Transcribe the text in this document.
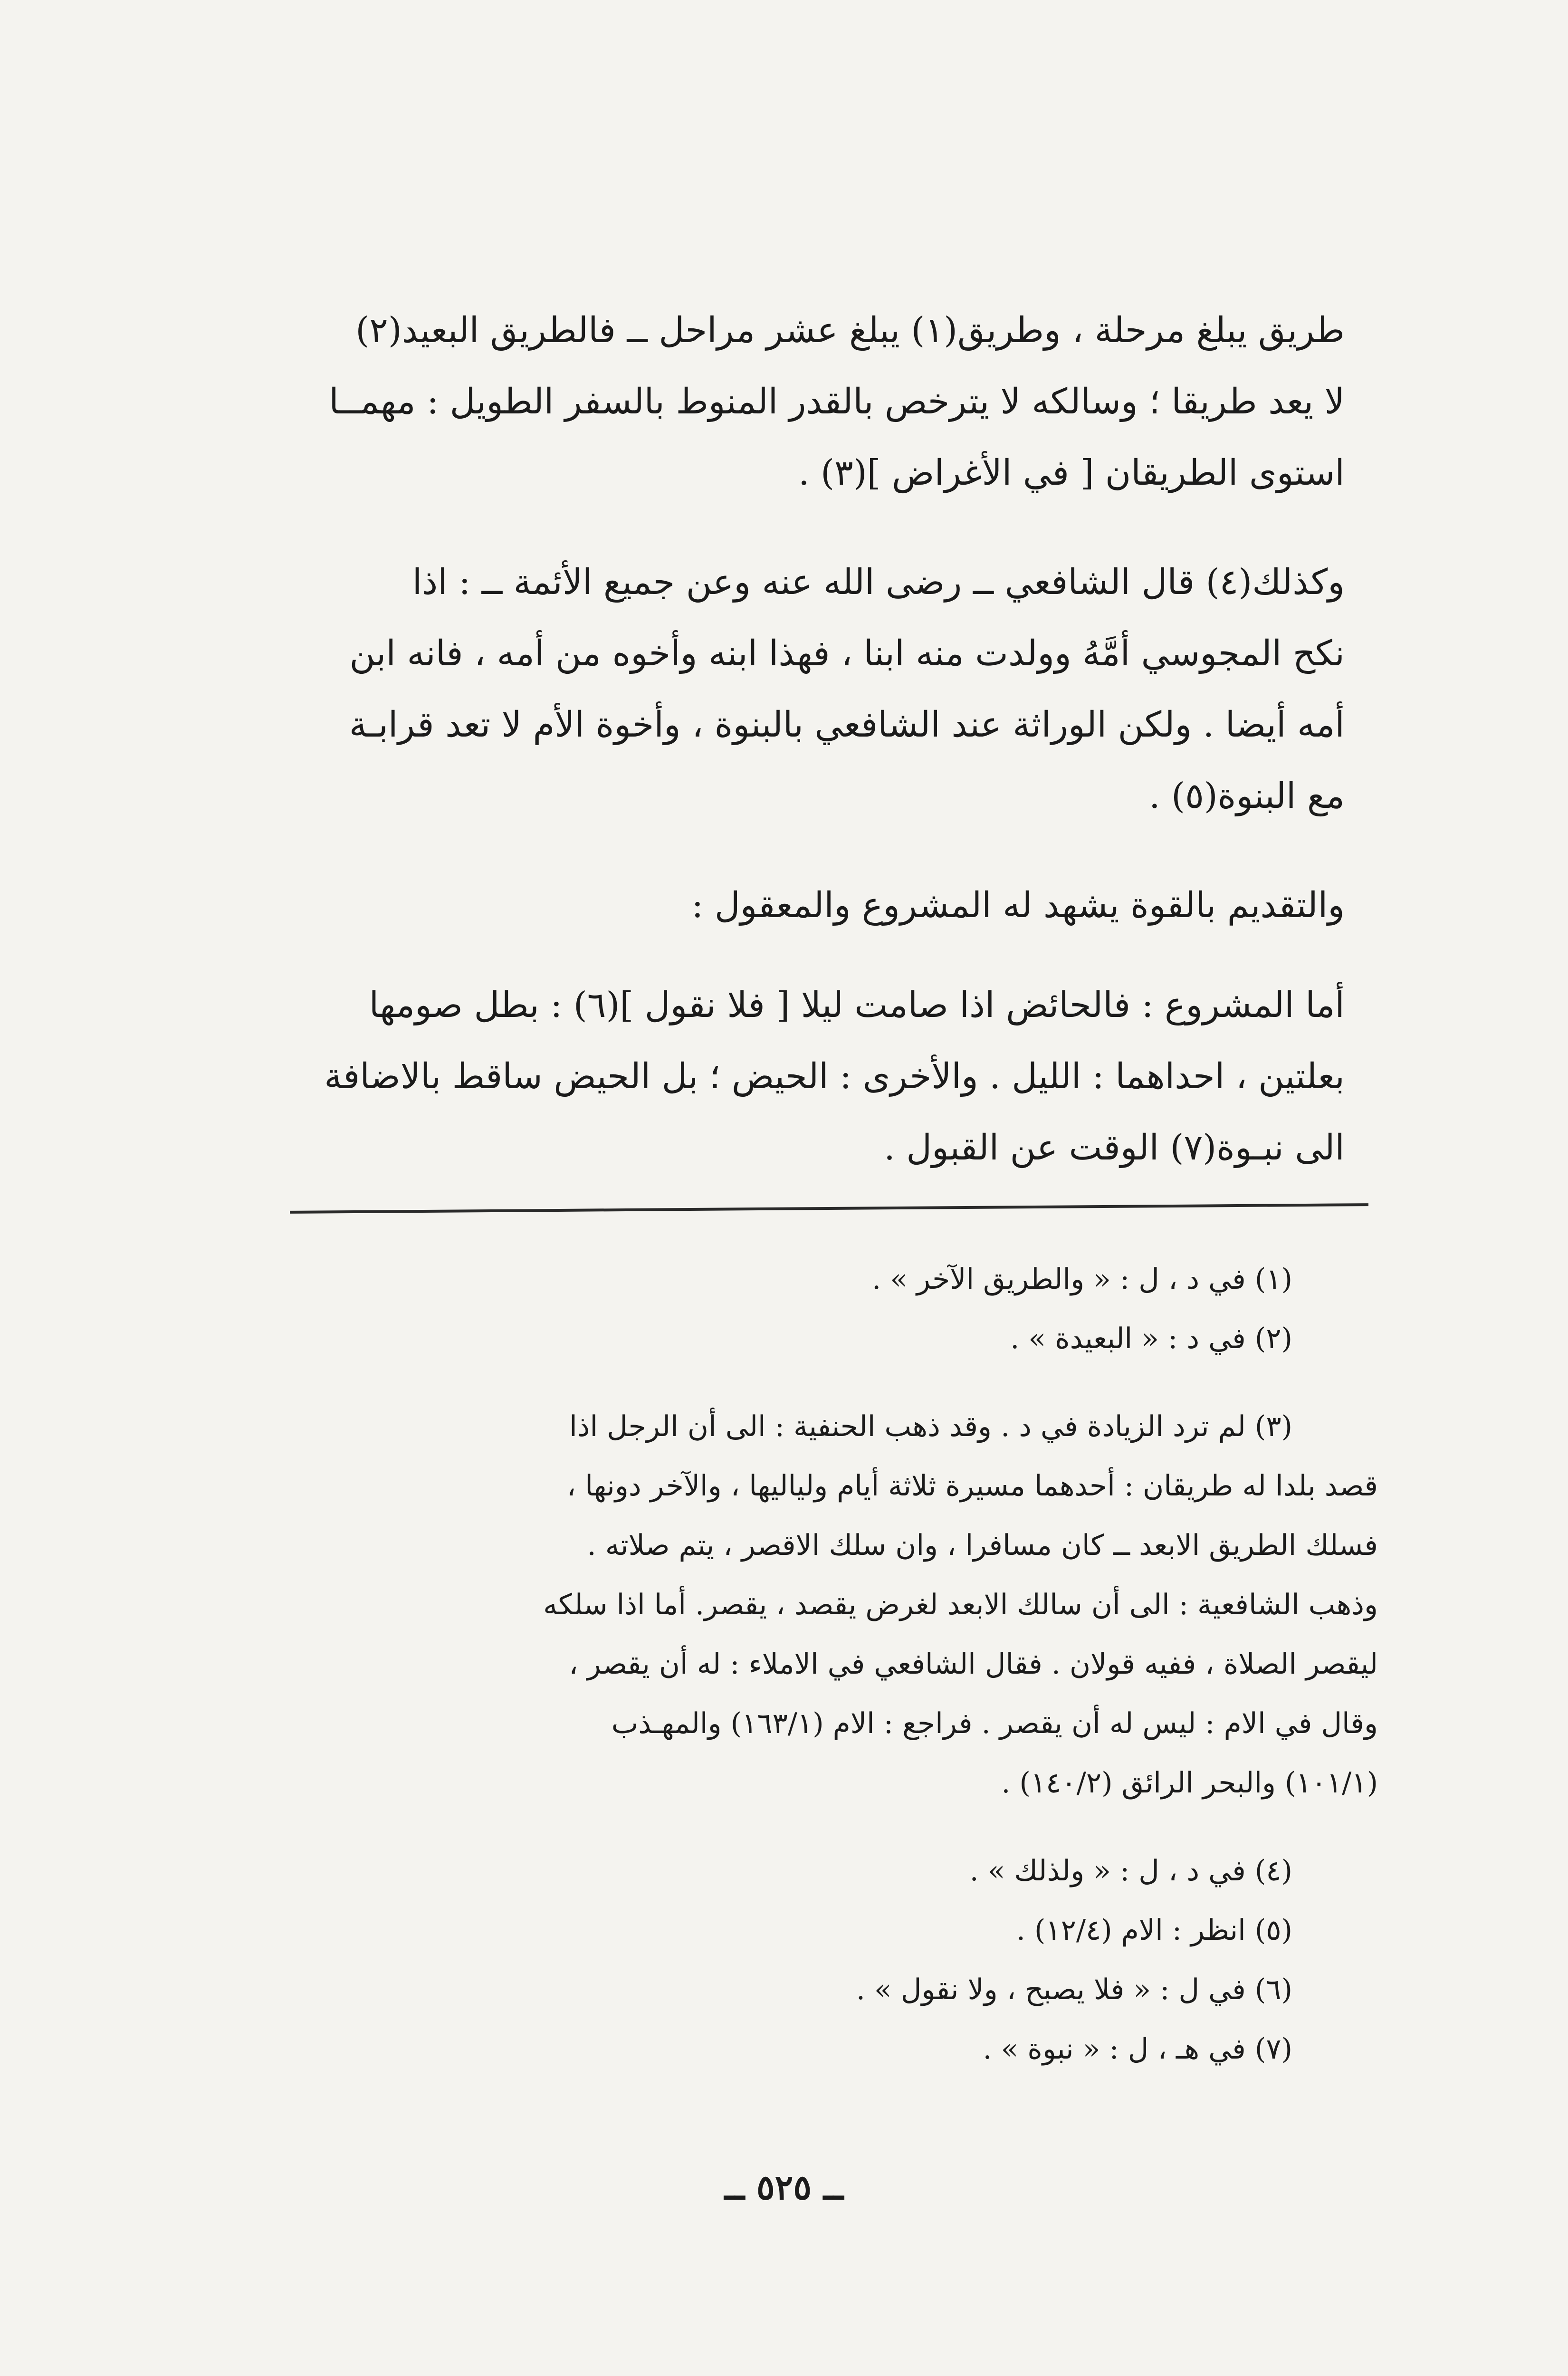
طريق يبلغ مرحلة ، وطريق(١) يبلغ عشر مراحل ــ فالطريق البعيد(٢)
لا يعد طريقا ؛ وسالكه لا يترخص بالقدر المنوط بالسفر الطويل : مهمــا
استوى الطريقان [ في الأغراض ](٣) .
وكذلك(٤) قال الشافعي ــ رضى الله عنه وعن جميع الأئمة ــ : اذا
نكح المجوسي أمَّهُ وولدت منه ابنا ، فهذا ابنه وأخوه من أمه ، فانه ابن
أمه أيضا . ولكن الوراثة عند الشافعي بالبنوة ، وأخوة الأم لا تعد قرابـة
مع البنوة(٥) .
والتقديم بالقوة يشهد له المشروع والمعقول :
أما المشروع : فالحائض اذا صامت ليلا [ فلا نقول ](٦) : بطل صومها
بعلتين ، احداهما : الليل . والأخرى : الحيض ؛ بل الحيض ساقط بالاضافة
الى نبـوة(٧) الوقت عن القبول .
(١) في د ، ل : « والطريق الآخر » .
(٢) في د : « البعيدة » .
(٣) لم ترد الزيادة في د . وقد ذهب الحنفية : الى أن الرجل اذا
قصد بلدا له طريقان : أحدهما مسيرة ثلاثة أيام ولياليها ، والآخر دونها ،
فسلك الطريق الابعد ــ كان مسافرا ، وان سلك الاقصر ، يتم صلاته .
وذهب الشافعية : الى أن سالك الابعد لغرض يقصد ، يقصر. أما اذا سلكه
ليقصر الصلاة ، ففيه قولان . فقال الشافعي في الاملاء : له أن يقصر ،
وقال في الام : ليس له أن يقصر . فراجع : الام (١٦٣/١) والمهـذب
(١٠١/١) والبحر الرائق (١٤٠/٢) .
(٤) في د ، ل : « ولذلك » .
(٥) انظر : الام (١٢/٤) .
(٦) في ل : « فلا يصبح ، ولا نقول » .
(٧) في هـ ، ل : « نبوة » .
ــ ٥٢٥ ــ
